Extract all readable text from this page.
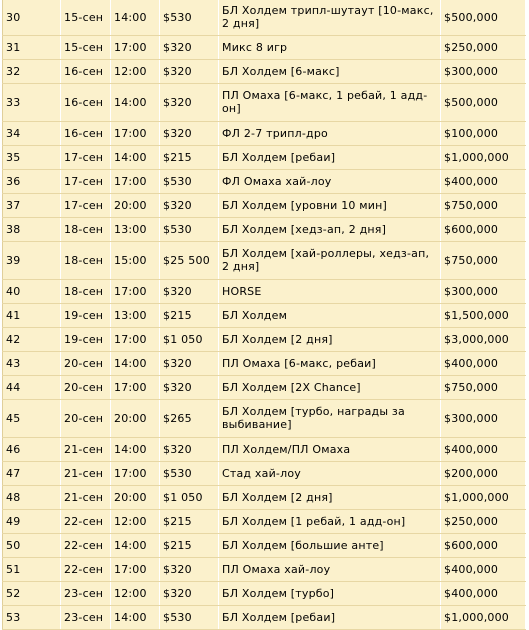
30	15-сен	14:00	$530	БЛ Холдем трипл-шутаут [10-макс, 2 дня]	$500,000
31	15-сен	17:00	$320	Микс 8 игр	$250,000
32	16-сен	12:00	$320	БЛ Холдем [6-макс]	$300,000
33	16-сен	14:00	$320	ПЛ Омаха [6-макс, 1 ребай, 1 адд-он]	$500,000
34	16-сен	17:00	$320	ФЛ 2-7 трипл-дро	$100,000
35	17-сен	14:00	$215	БЛ Холдем [ребаи]	$1,000,000
36	17-сен	17:00	$530	ФЛ Омаха хай-лоу	$400,000
37	17-сен	20:00	$320	БЛ Холдем [уровни 10 мин]	$750,000
38	18-сен	13:00	$530	БЛ Холдем [хедз-ап, 2 дня]	$600,000
39	18-сен	15:00	$25 500	БЛ Холдем [хай-роллеры, хедз-ап, 2 дня]	$750,000
40	18-сен	17:00	$320	HORSE	$300,000
41	19-сен	13:00	$215	БЛ Холдем	$1,500,000
42	19-сен	17:00	$1 050	БЛ Холдем [2 дня]	$3,000,000
43	20-сен	14:00	$320	ПЛ Омаха [6-макс, ребаи]	$400,000
44	20-сен	17:00	$320	БЛ Холдем [2X Chance]	$750,000
45	20-сен	20:00	$265	БЛ Холдем [турбо, награды за выбивание]	$300,000
46	21-сен	14:00	$320	ПЛ Холдем/ПЛ Омаха	$400,000
47	21-сен	17:00	$530	Стад хай-лоу	$200,000
48	21-сен	20:00	$1 050	БЛ Холдем [2 дня]	$1,000,000
49	22-сен	12:00	$215	БЛ Холдем [1 ребай, 1 адд-он]	$250,000
50	22-сен	14:00	$215	БЛ Холдем [большие анте]	$600,000
51	22-сен	17:00	$320	ПЛ Омаха хай-лоу	$400,000
52	23-сен	12:00	$320	БЛ Холдем [турбо]	$400,000
53	23-сен	14:00	$530	БЛ Холдем [ребаи]	$1,000,000
